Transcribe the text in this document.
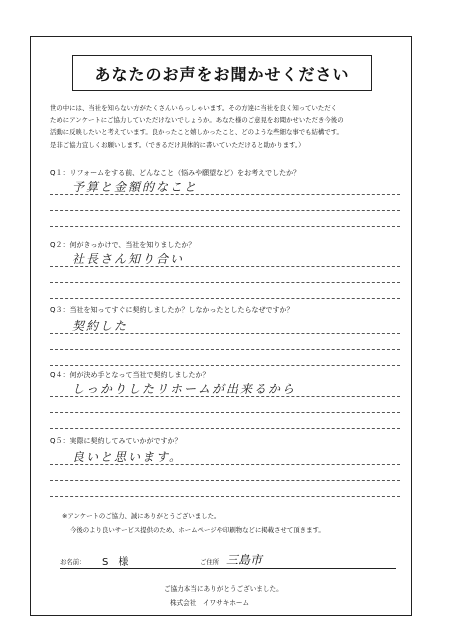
あなたのお声をお聞かせください
世の中には、当社を知らない方がたくさんいらっしゃいます。その方達に当社を良く知っていただく
ためにアンケートにご協力していただけないでしょうか。あなた様のご意見をお聞かせいただき今後の
活動に反映したいと考えています。良かったこと嬉しかったこと、どのような些細な事でも結構です。
是非ご協力宜しくお願いします。（できるだけ具体的に書いていただけると助かります。）
Q１：リフォームをする前、どんなこと（悩みや願望など）をお考えでしたか？
予算と金額的なこと
Q２：何がきっかけで、当社を知りましたか？
社長さん知り合い
Q３：当社を知ってすぐに契約しましたか？しなかったとしたらなぜですか？
契約した
Q４：何が決め手となって当社で契約しましたか？
しっかりしたリホームが出来るから
Q５：実際に契約してみていかがですか？
良いと思います。
※アンケートのご協力、誠にありがとうございました。
今後のより良いサービス提供のため、ホームページや印刷物などに掲載させて頂きます。
お名前： S　様	ご住所 三島市
ご協力本当にありがとうございました。
株式会社　イワサキホーム
